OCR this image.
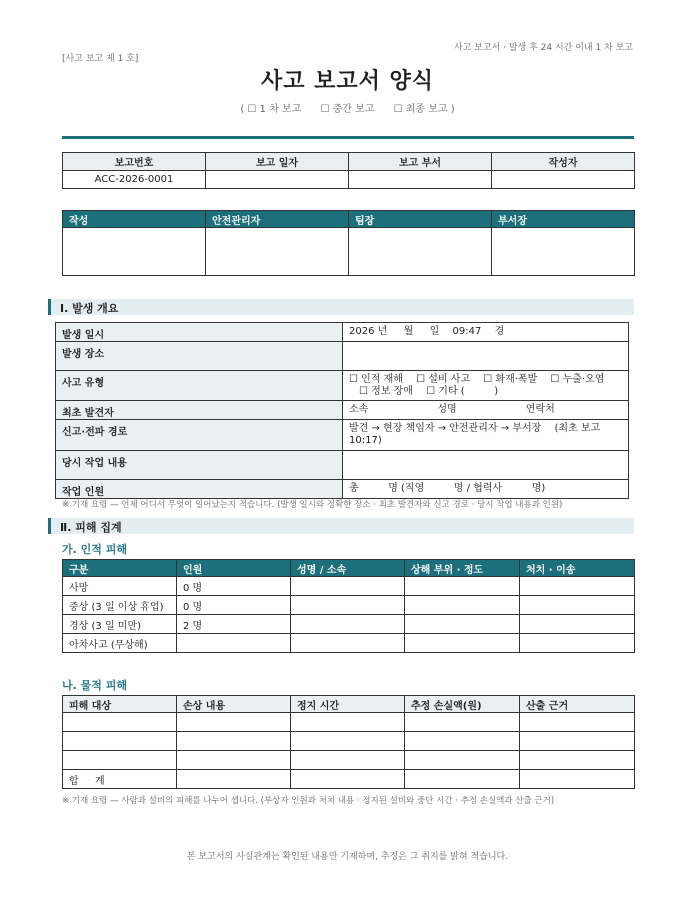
사고 보고서 · 발생 후 24 시간 이내 1 차 보고
[사고 보고 제 1 호]
사고 보고서 양식
( ☐ 1 차 보고 ☐ 중간 보고 ☐ 최종 보고 )
보고번호	보고 일자	보고 부서	작성자
ACC-2026-0001			
작성	안전관리자	팀장	부서장

Ⅰ. 발생 개요
발생 일시	2026 년 　 월 　 일 　09:47 　경
발생 장소	
사고 유형	☐ 인적 재해 　☐ 설비 사고 　☐ 화재·폭발 　☐ 누출·오염 　☐ 정보 장애 　☐ 기타 ( 　 　 )
최초 발견자	소속 　 　 　 　 　 성명 　 　 　 　 　 연락처
신고·전파 경로	발견 → 현장 책임자 → 안전관리자 → 부서장 　(최초 보고 10:17)
당시 작업 내용	
작업 인원	총 　 　 명 (직영 　 　 명 / 협력사 　 　 명)
※ 기재 요령 — 언제 어디서 무엇이 일어났는지 적습니다. (발생 일시와 정확한 장소 · 최초 발견자와 신고 경로 · 당시 작업 내용과 인원)
Ⅱ. 피해 집계
가. 인적 피해
구분	인원	성명 / 소속	상해 부위 · 정도	처치 · 이송
사망	0 명			
중상 (3 일 이상 휴업)	0 명			
경상 (3 일 미만)	2 명			
아차사고 (무상해)				
나. 물적 피해
피해 대상	손상 내용	정지 시간	추정 손실액(원)	산출 근거

합 　 계				
※ 기재 요령 — 사람과 설비의 피해를 나누어 셉니다. (부상자 인원과 처치 내용 · 정지된 설비와 중단 시간 · 추정 손실액과 산출 근거)
본 보고서의 사실관계는 확인된 내용만 기재하며, 추정은 그 취지를 밝혀 적습니다.
